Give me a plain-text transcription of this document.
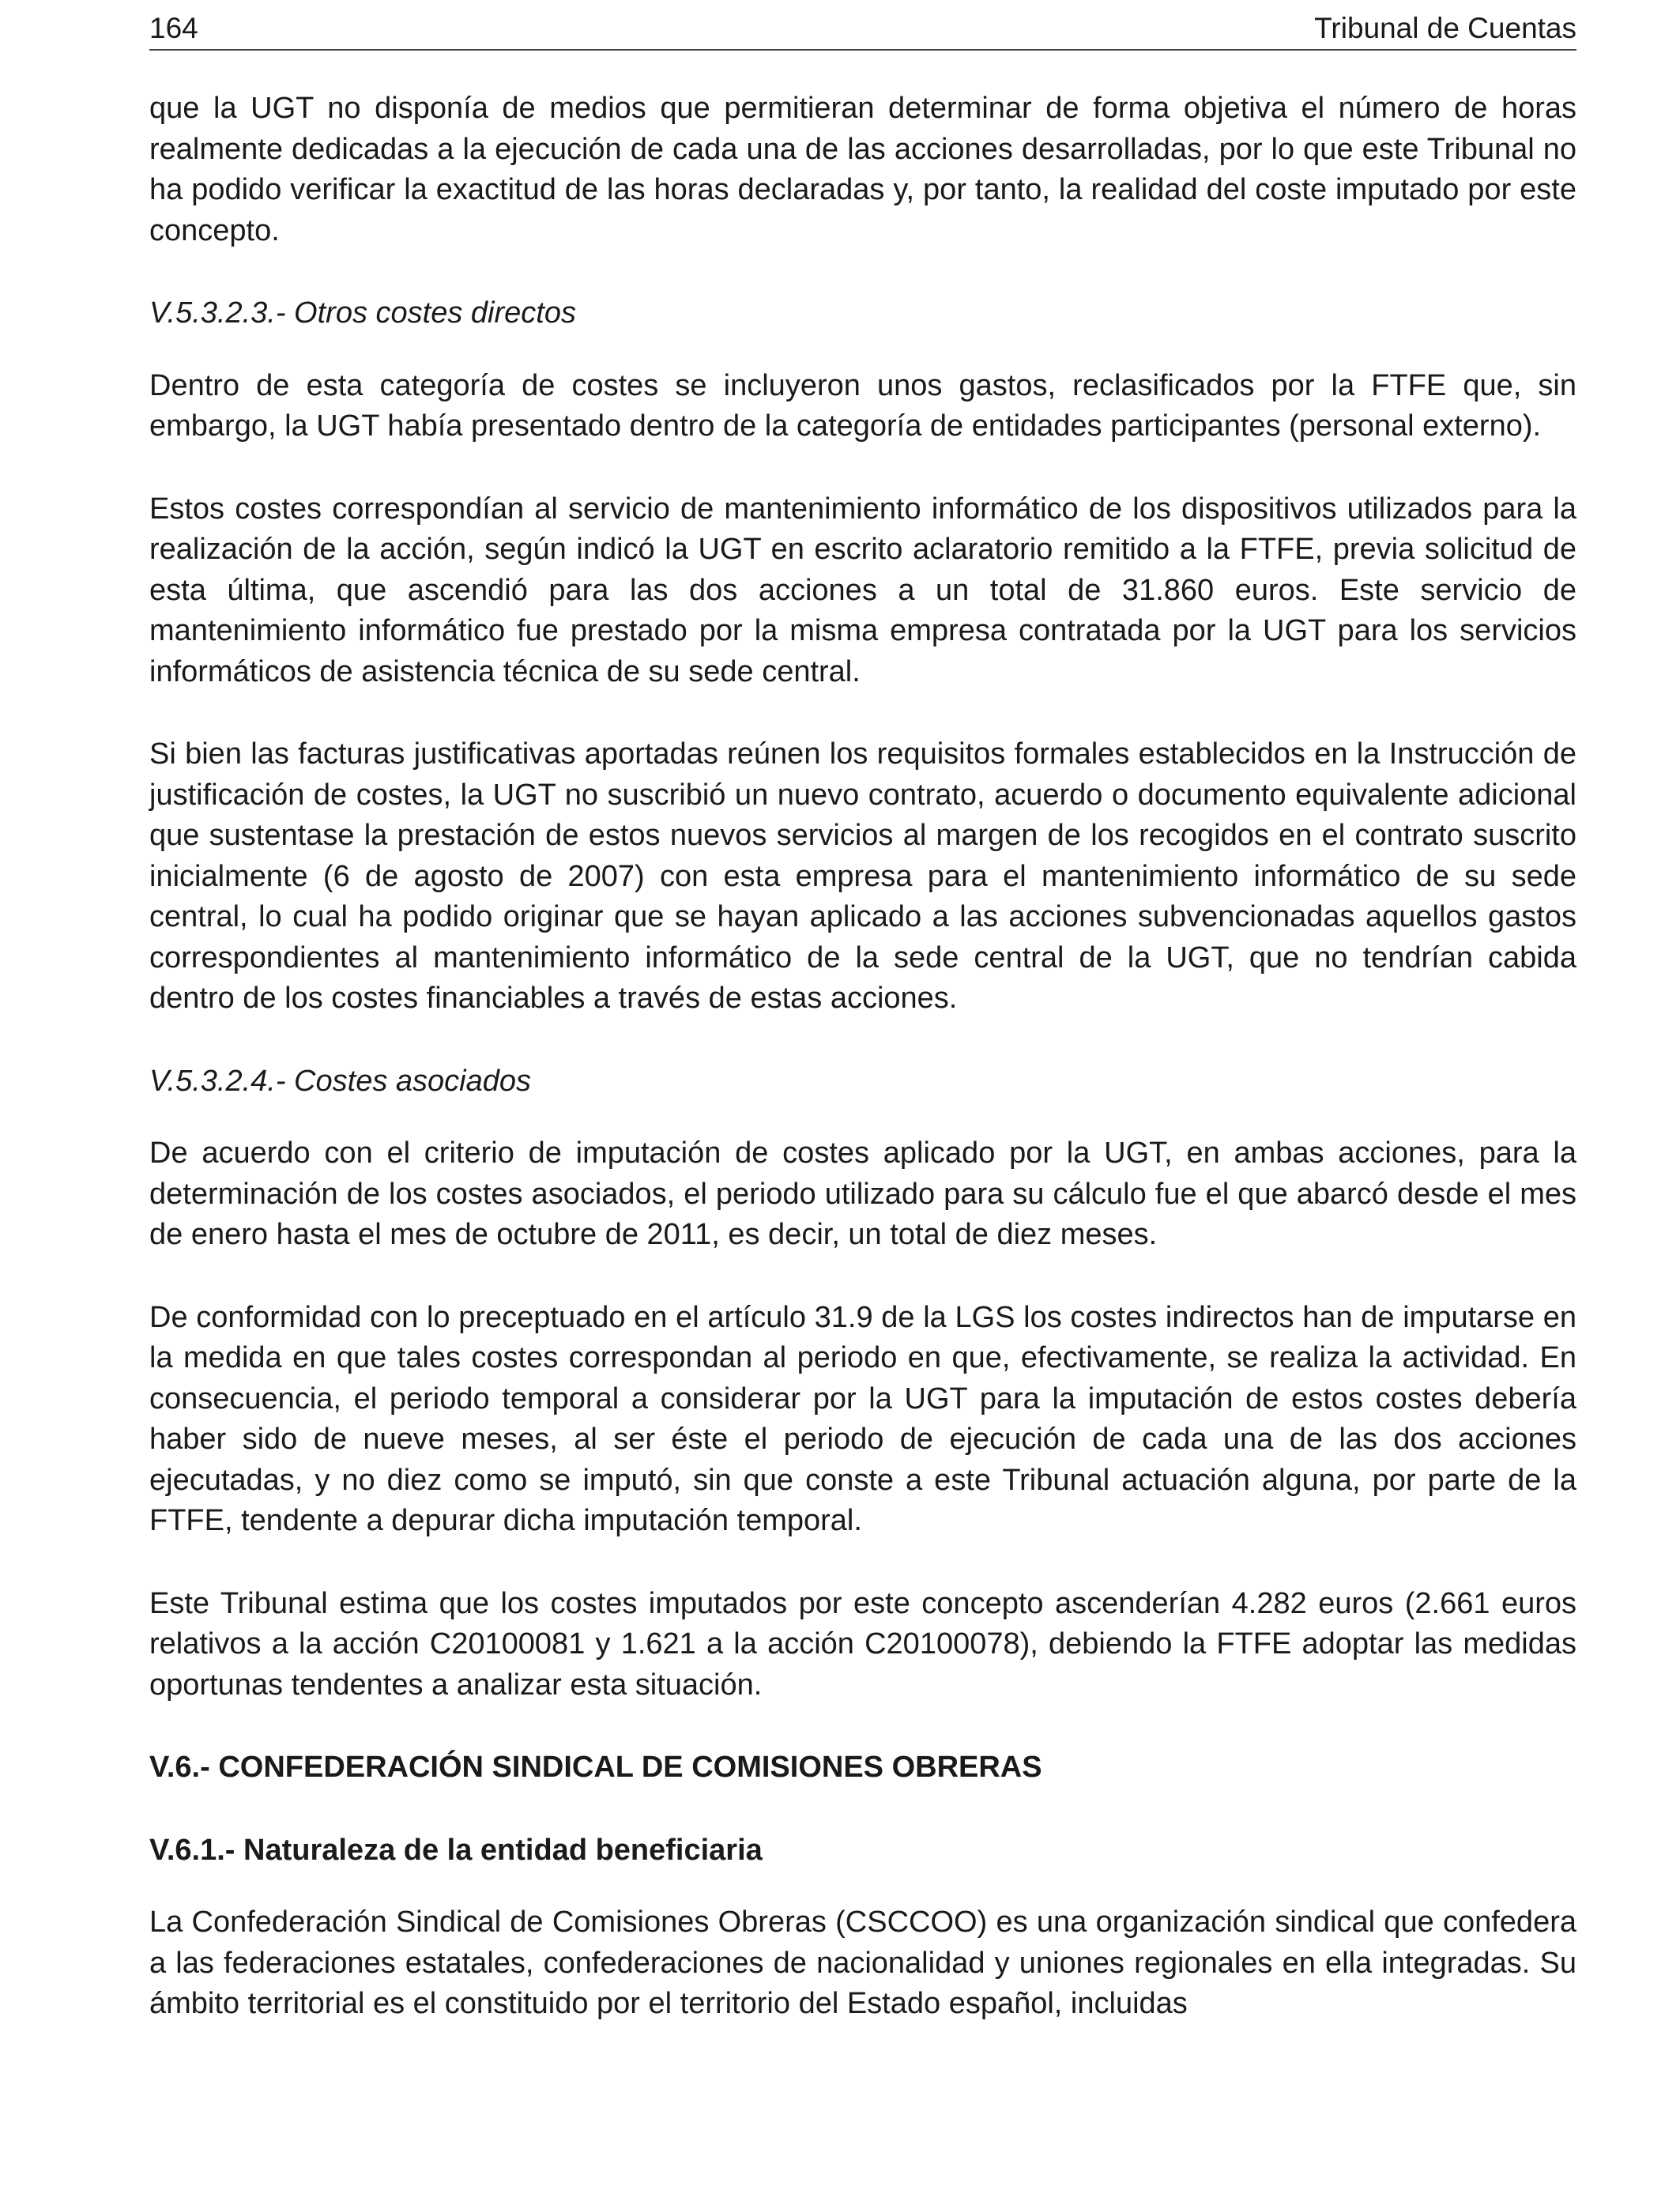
164	Tribunal de Cuentas

que la UGT no disponía de medios que permitieran determinar de forma objetiva el número de horas realmente dedicadas a la ejecución de cada una de las acciones desarrolladas, por lo que este Tribunal no ha podido verificar la exactitud de las horas declaradas y, por tanto, la realidad del coste imputado por este concepto.

V.5.3.2.3.- Otros costes directos

Dentro de esta categoría de costes se incluyeron unos gastos, reclasificados por la FTFE que, sin embargo, la UGT había presentado dentro de la categoría de entidades participantes (personal externo).

Estos costes correspondían al servicio de mantenimiento informático de los dispositivos utilizados para la realización de la acción, según indicó la UGT en escrito aclaratorio remitido a la FTFE, previa solicitud de esta última, que ascendió para las dos acciones a un total de 31.860 euros. Este servicio de mantenimiento informático fue prestado por la misma empresa contratada por la UGT para los servicios informáticos de asistencia técnica de su sede central.

Si bien las facturas justificativas aportadas reúnen los requisitos formales establecidos en la Instrucción de justificación de costes, la UGT no suscribió un nuevo contrato, acuerdo o documento equivalente adicional que sustentase la prestación de estos nuevos servicios al margen de los recogidos en el contrato suscrito inicialmente (6 de agosto de 2007) con esta empresa para el mantenimiento informático de su sede central, lo cual ha podido originar que se hayan aplicado a las acciones subvencionadas aquellos gastos correspondientes al mantenimiento informático de la sede central de la UGT, que no tendrían cabida dentro de los costes financiables a través de estas acciones.

V.5.3.2.4.- Costes asociados

De acuerdo con el criterio de imputación de costes aplicado por la UGT, en ambas acciones, para la determinación de los costes asociados, el periodo utilizado para su cálculo fue el que abarcó desde el mes de enero hasta el mes de octubre de 2011, es decir, un total de diez meses.

De conformidad con lo preceptuado en el artículo 31.9 de la LGS los costes indirectos han de imputarse en la medida en que tales costes correspondan al periodo en que, efectivamente, se realiza la actividad. En consecuencia, el periodo temporal a considerar por la UGT para la imputación de estos costes debería haber sido de nueve meses, al ser éste el periodo de ejecución de cada una de las dos acciones ejecutadas, y no diez como se imputó, sin que conste a este Tribunal actuación alguna, por parte de la FTFE, tendente a depurar dicha imputación temporal.

Este Tribunal estima que los costes imputados por este concepto ascenderían 4.282 euros (2.661 euros relativos a la acción C20100081 y 1.621 a la acción C20100078), debiendo la FTFE adoptar las medidas oportunas tendentes a analizar esta situación.

V.6.- CONFEDERACIÓN SINDICAL DE COMISIONES OBRERAS
V.6.1.- Naturaleza de la entidad beneficiaria

La Confederación Sindical de Comisiones Obreras (CSCCOO) es una organización sindical que confedera a las federaciones estatales, confederaciones de nacionalidad y uniones regionales en ella integradas. Su ámbito territorial es el constituido por el territorio del Estado español, incluidas
